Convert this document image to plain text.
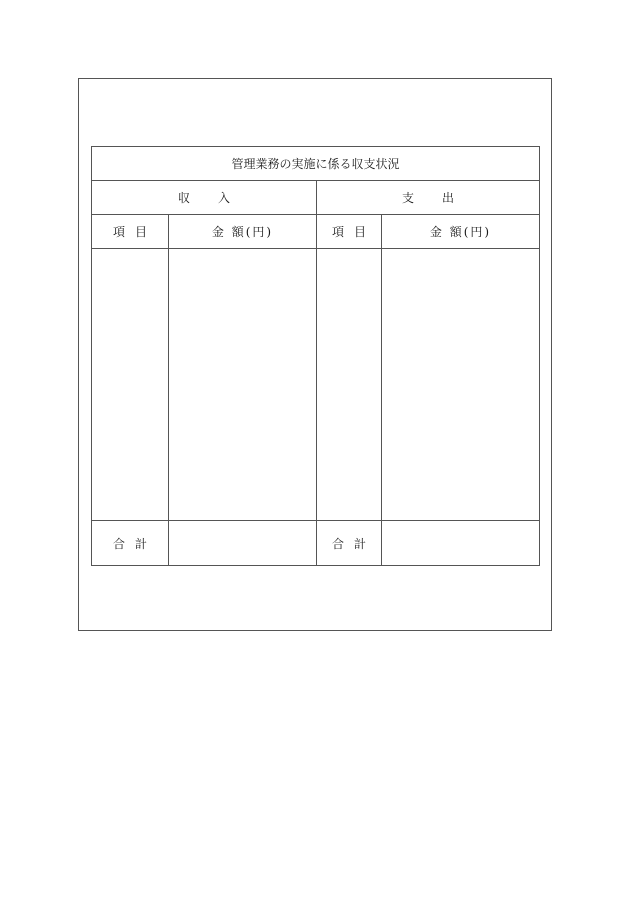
管理業務の実施に係る収支状況			
収入		支出	
項目	金 額(円)	項目	金 額(円)

合計		合計	
